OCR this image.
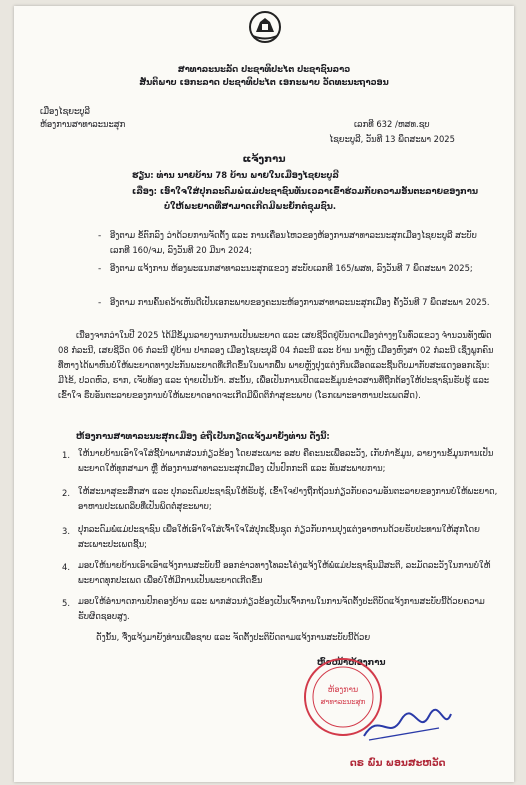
ສາທາລະນະລັດ ປະຊາທິປະໄຕ ປະຊາຊົນລາວ
ສັນຕິພາບ ເອກະລາດ ປະຊາທິປະໄຕ ເອກະພາບ ວັດທະນະຖາວອນ
ເມືອງໄຊຍະບູລີ
ຫ້ອງການສາທາລະນະສຸກ	ເລກທີ 632 /ຫສທ.ຊບ
ໄຊຍະບູລີ, ວັນທີ 13 ພຶດສະພາ 2025
ແຈ້ງການ
ຮຽນ: ທ່ານ ນາຍບ້ານ 78 ບ້ານ ພາຍໃນເມືອງໄຊຍະບູລີ
ເລື່ອງ: ເອົາໃຈໃສ່ປຸກລະດົມພໍ່ແມ່ປະຊາຊົນທັນເວລາເຂົ້າຮ່ວມກັບຄວາມອັນຕະລາຍຂອງການ
ບໍ່ໃຫ້ພະຍາດທີ່ສາມາດເກີດມີພະຍັກຕໍ່ຊຸມຊົນ.
- ອີງຕາມ ຂໍ້ຕົກລົງ ວ່າດ້ວຍການຈັດຕັ້ງ ແລະ ການເຄື່ອນໄຫວຂອງຫ້ອງການສາທາລະນະສຸກເມືອງໄຊຍະບູລີ ສະບັບເລກທີ 160/ຈມ, ລົງວັນທີ 20 ມີນາ 2024;
- ອີງຕາມ ແຈ້ງການ ຫ້ອງພະແນກສາທາລະນະສຸກແຂວງ ສະບັບເລກທີ 165/ພສທ, ລົງວັນທີ 7 ພຶດສະພາ 2025;
- ອີງຕາມ ການຄົ້ນຄວ້າເຫັນດີເປັນເອກະພາບຂອງຄະນະຫ້ອງການສາທາລະນະສຸກເມືອງ ຄັ້ງວັນທີ 7 ພຶດສະພາ 2025.
ເນື່ອງຈາກວ່າໃນປີ 2025 ໄດ້ມີຂໍ້ມູນລາຍງານການເປັນພະຍາດ ແລະ ເສຍຊີວິດຢູ່ບັນດາເມືອງຕ່າງໆໃນທົ່ວແຂວງ ຈໍານວນທັງໝົດ 08 ກໍລະນີ, ເສຍຊີວິດ 06 ກໍລະນີ ຢູ່ບ້ານ ປາກລອງ ເມືອງໄຊຍະບູລີ 04 ກໍລະນີ ແລະ ບ້ານ ນາຫຼັງ ເມືອງຫົງສາ 02 ກໍລະນີ ເຊິ່ງພູກຄົນທີ່ຫາງໄດ້ພາຫົນບໍ່ໃຫ້ພະຍາດທາງປະກັນພະຍາດທີ່ເກີດຂຶ້ນໃນພາກພື້ນ ພາຍຫຼັງປຸງແຕ່ງກິນເລືອດແລະຊີ້ນດິບມາກັບສະແດງອອກເຊັ່ນ: ມີໄຂ້, ປວດຫົວ, ຮາກ, ເຈັບທ້ອງ ແລະ ຖ່າຍເປັນນໍ້າ. ສະນັ້ນ, ເພື່ອເປັນການເປີດແລະຂໍ້ມູນຂ່າວສານທີ່ຖືກຕ້ອງໃຫ້ປະຊາຊົນຮັບຮູ້ ແລະ ເຂົ້າໃຈ ຮຶບອັນຕະລາຍຂອງການບໍ່ໃຫ້ພະຍາດອາດຈະເກີດມີພຶດຕິກໍາສຸຂະພາບ (ໂຣກເພາະອາຫານປະເພດສົດ).
ຫ້ອງການສາທາລະນະສຸກເມືອງ ຂໍຖືເປັນກຽດແຈ້ງມາຍັງທ່ານ ດັ່ງນີ້:
1. ໃຫ້ນາຍບ້ານເອົາໃຈໃສ່ຊີ້ນໍາພາກສ່ວນກ່ຽວຂ້ອງ ໂດຍສະເພາະ ອສບ ຄືຄະນະເພື່ອລະວັງ, ເກັບກໍາຂໍ້ມູນ, ລາຍງານຂໍ້ມູນການເປັນພະຍາດໃຫ້ທຸກສາມາ ຫຼື ຫ້ອງການສາທາລະນະສຸກເມືອງ ເປັນປົກກະຕິ ແລະ ທັນສະພາບການ;
2. ໃຫ້ສະນາສຸຂະສຶກສາ ແລະ ປຸກລະດົມປະຊາຊົນໃຫ້ຮັບຮູ້, ເຂົ້າໃຈຢ່າງຖືກຖ້ວນກ່ຽວກັບຄວາມອັນຕະລາຍຂອງການບໍ່ໃຫ້ພະຍາດ, ອາຫານປະເພດລິບທີ່ເປັນພິດຕໍ່ສຸຂະພາບ;
3. ປຸກລະດົມພໍ່ແມ່ປະຊາຊົນ ເພື່ອໃຫ້ເອົາໃຈໃສ່ເຈົ້າໃຈໃສ່ປຸກເຊີ້ນຊຸດ ກ່ຽວກັບການປຸງແຕ່ງອາຫານດ້ວຍຮັບປະທານໃຫ້ສຸກໂດຍສະເພາະປະເພດຊີ້ນ;
4. ມອບໃຫ້ນາຍບ້ານເອົາເອົາແຈ້ງການສະບັບນີ້ ອອກຂ່າວທາງໂທລະໂຄ່ງແຈ້ງໃຫ້ພໍ່ແມ່ປະຊາຊົນມີສະຕິ, ລະມັດລະວັງໃນການບໍ່ໃຫ້ພະຍາດທຸກປະເພດ ເພື່ອບໍ່ໃຫ້ມີການເປັນພະຍາດເກີດຂຶ້ນ
5. ມອບໃຫ້ອໍານາດການປົກຄອງບ້ານ ແລະ ພາກສ່ວນກ່ຽວຂ້ອງເປັນເຈົ້າການໃນການຈັດຕັ້ງປະຕິບັດແຈ້ງການສະບັບນີ້ດ້ວຍຄວາມຮັບຜິດຊອບສູງ.
ດັ່ງນັ້ນ, ຈື່ງແຈ້ງມາຍັງທ່ານເພື່ອຊາບ ແລະ ຈັດຕັ້ງປະຕິບັດຕາມແຈ້ງການສະບັບນີ້ດ້ວຍ
ຫົວໜ້າຫ້ອງການ
ຫ້ອງການ
ສາທາລະນະສຸກ
ດຣ ພົນ ພອນສະຫວັດ
